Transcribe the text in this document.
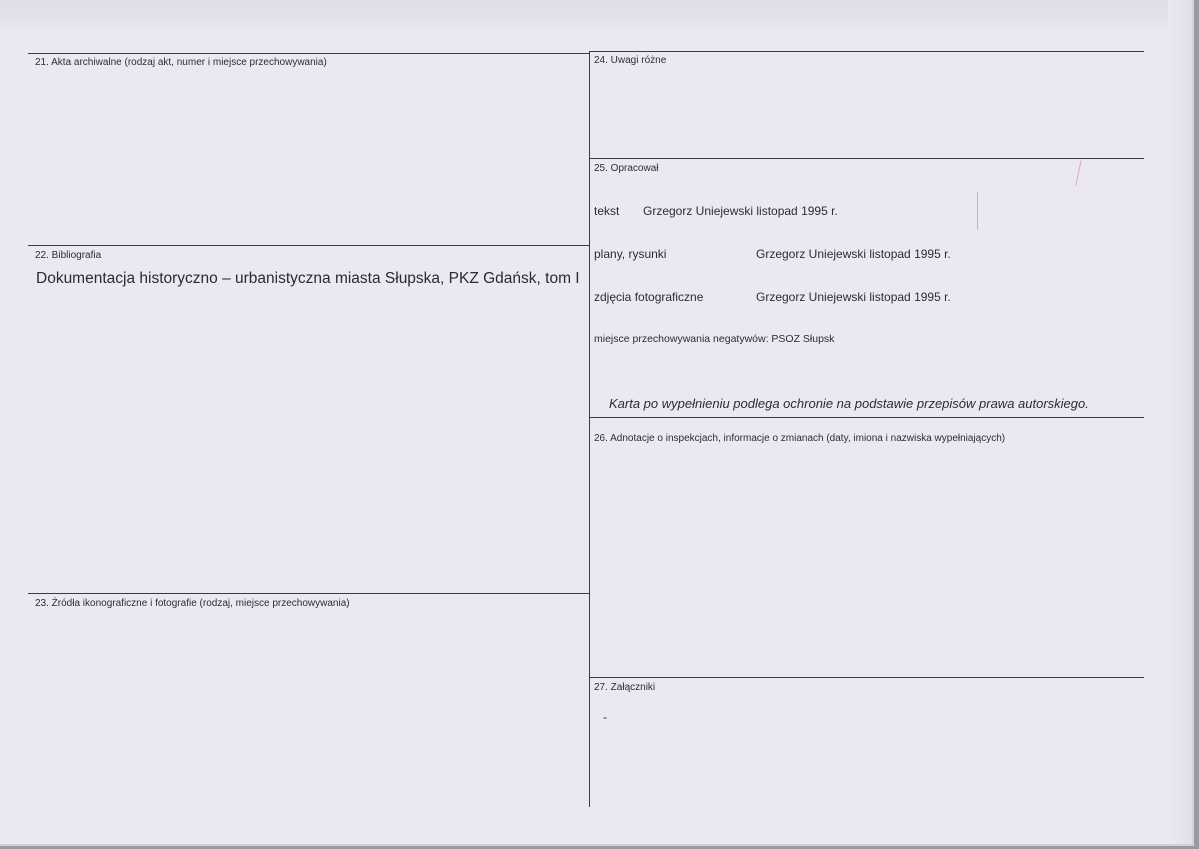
21. Akta archiwalne (rodzaj akt, numer i miejsce przechowywania)
22. Bibliografia
Dokumentacja historyczno – urbanistyczna miasta Słupska, PKZ Gdańsk, tom I
23. Źródła ikonograficzne i fotografie (rodzaj, miejsce przechowywania)
24. Uwagi różne
25. Opracował
tekst Grzegorz Uniejewski listopad 1995 r.
plany, rysunki	Grzegorz Uniejewski listopad 1995 r.
zdjęcia fotograficzne	Grzegorz Uniejewski listopad 1995 r.
miejsce przechowywania negatywów: PSOZ Słupsk
Karta po wypełnieniu podlega ochronie na podstawie przepisów prawa autorskiego.
26. Adnotacje o inspekcjach, informacje o zmianach (daty, imiona i nazwiska wypełniających)
27. Załączniki
-
